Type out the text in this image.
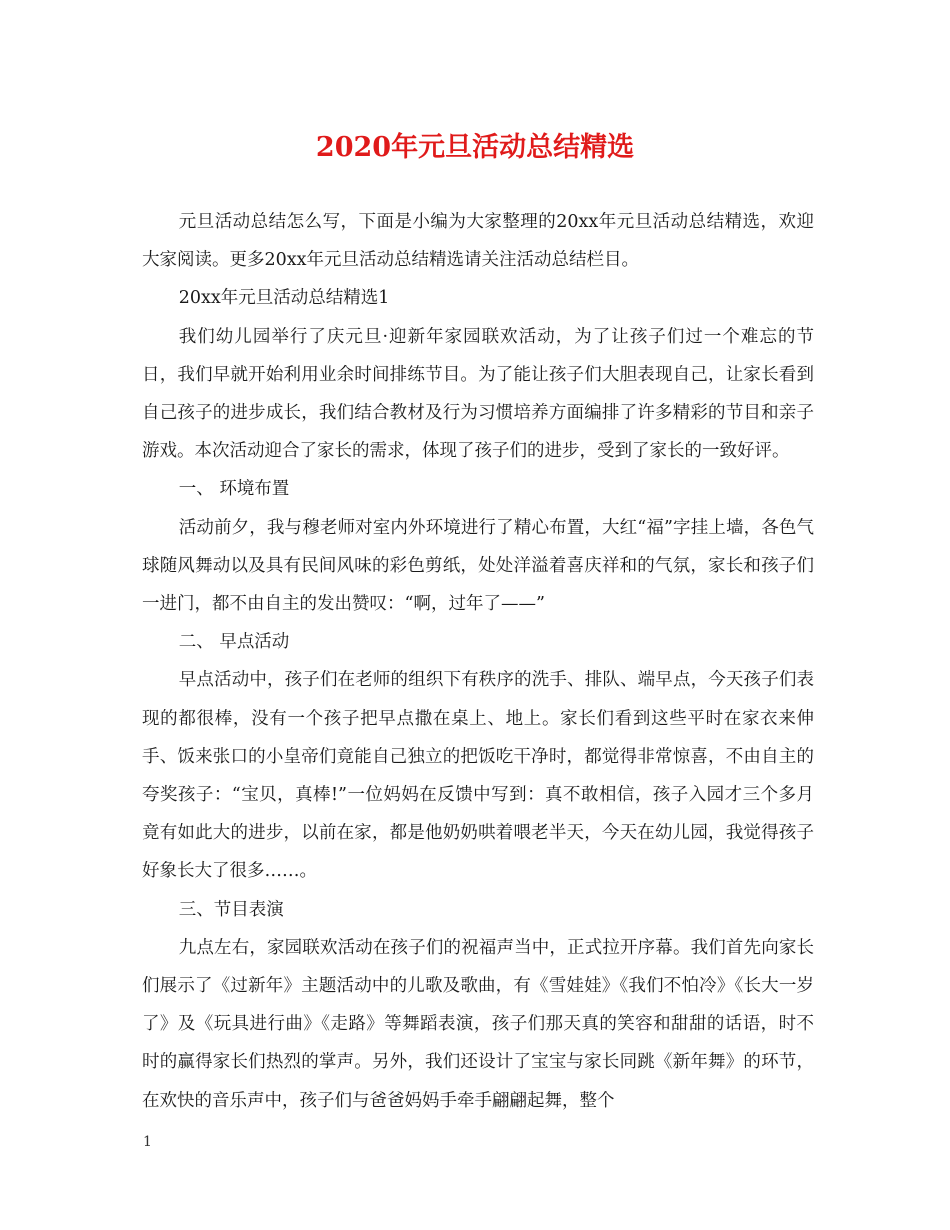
2020年元旦活动总结精选

元旦活动总结怎么写，下面是小编为大家整理的20xx年元旦活动总结精选，欢迎大家阅读。更多20xx年元旦活动总结精选请关注活动总结栏目。

20xx年元旦活动总结精选1

我们幼儿园举行了庆元旦·迎新年家园联欢活动，为了让孩子们过一个难忘的节日，我们早就开始利用业余时间排练节目。为了能让孩子们大胆表现自己，让家长看到自己孩子的进步成长，我们结合教材及行为习惯培养方面编排了许多精彩的节目和亲子游戏。本次活动迎合了家长的需求，体现了孩子们的进步，受到了家长的一致好评。

一、 环境布置

活动前夕，我与穆老师对室内外环境进行了精心布置，大红“福”字挂上墙，各色气球随风舞动以及具有民间风味的彩色剪纸，处处洋溢着喜庆祥和的气氛，家长和孩子们一进门，都不由自主的发出赞叹：“啊，过年了——”

二、 早点活动

早点活动中，孩子们在老师的组织下有秩序的洗手、排队、端早点，今天孩子们表现的都很棒，没有一个孩子把早点撒在桌上、地上。家长们看到这些平时在家衣来伸手、饭来张口的小皇帝们竟能自己独立的把饭吃干净时，都觉得非常惊喜，不由自主的夸奖孩子：“宝贝，真棒!”一位妈妈在反馈中写到：真不敢相信，孩子入园才三个多月竟有如此大的进步，以前在家，都是他奶奶哄着喂老半天，今天在幼儿园，我觉得孩子好象长大了很多……。

三、节目表演

九点左右，家园联欢活动在孩子们的祝福声当中，正式拉开序幕。我们首先向家长们展示了《过新年》主题活动中的儿歌及歌曲，有《雪娃娃》《我们不怕冷》《长大一岁了》及《玩具进行曲》《走路》等舞蹈表演，孩子们那天真的笑容和甜甜的话语，时不时的赢得家长们热烈的掌声。另外，我们还设计了宝宝与家长同跳《新年舞》的环节，在欢快的音乐声中，孩子们与爸爸妈妈手牵手翩翩起舞，整个

1
